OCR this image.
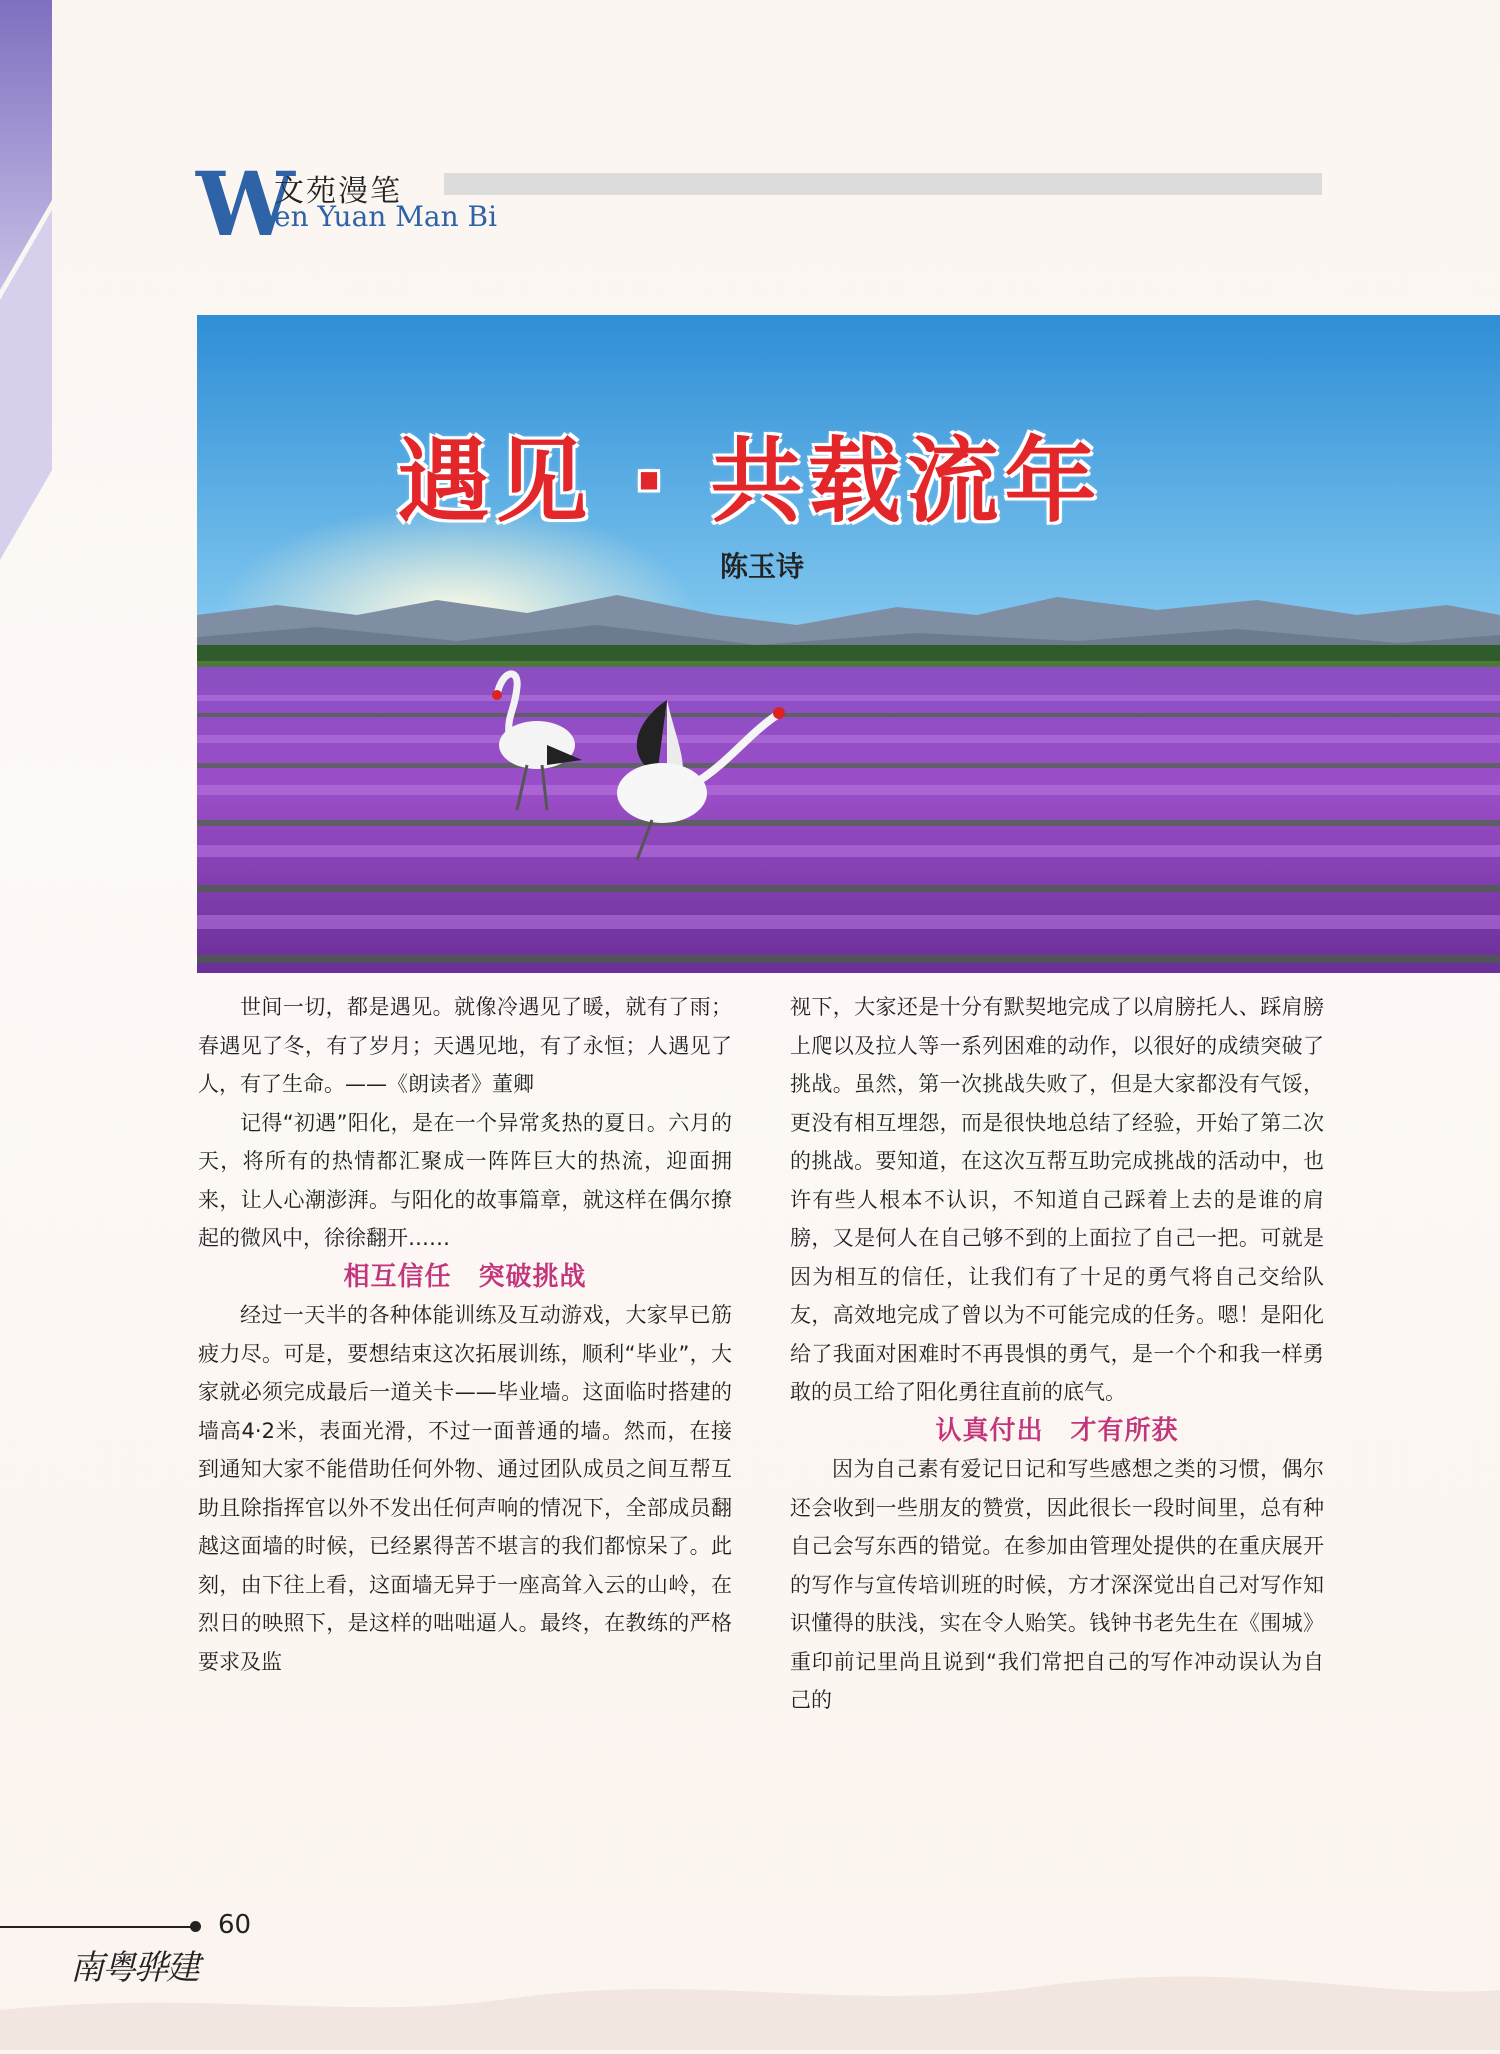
W
文苑漫笔
en Yuan Man Bi
遇见 · 共载流年
陈玉诗

世间一切，都是遇见。就像冷遇见了暖，就有了雨；春遇见了冬，有了岁月；天遇见地，有了永恒；人遇见了人，有了生命。——《朗读者》董卿

记得“初遇”阳化，是在一个异常炙热的夏日。六月的天，将所有的热情都汇聚成一阵阵巨大的热流，迎面拥来，让人心潮澎湃。与阳化的故事篇章，就这样在偶尔撩起的微风中，徐徐翻开……

相互信任　突破挑战

经过一天半的各种体能训练及互动游戏，大家早已筋疲力尽。可是，要想结束这次拓展训练，顺利“毕业”，大家就必须完成最后一道关卡——毕业墙。这面临时搭建的墙高4·2米，表面光滑，不过一面普通的墙。然而，在接到通知大家不能借助任何外物、通过团队成员之间互帮互助且除指挥官以外不发出任何声响的情况下，全部成员翻越这面墙的时候，已经累得苦不堪言的我们都惊呆了。此刻，由下往上看，这面墙无异于一座高耸入云的山岭，在烈日的映照下，是这样的咄咄逼人。最终，在教练的严格要求及监

视下，大家还是十分有默契地完成了以肩膀托人、踩肩膀上爬以及拉人等一系列困难的动作，以很好的成绩突破了挑战。虽然，第一次挑战失败了，但是大家都没有气馁，更没有相互埋怨，而是很快地总结了经验，开始了第二次的挑战。要知道，在这次互帮互助完成挑战的活动中，也许有些人根本不认识，不知道自己踩着上去的是谁的肩膀，又是何人在自己够不到的上面拉了自己一把。可就是因为相互的信任，让我们有了十足的勇气将自己交给队友，高效地完成了曾以为不可能完成的任务。嗯！是阳化给了我面对困难时不再畏惧的勇气，是一个个和我一样勇敢的员工给了阳化勇往直前的底气。

认真付出　才有所获

因为自己素有爱记日记和写些感想之类的习惯，偶尔还会收到一些朋友的赞赏，因此很长一段时间里，总有种自己会写东西的错觉。在参加由管理处提供的在重庆展开的写作与宣传培训班的时候，方才深深觉出自己对写作知识懂得的肤浅，实在令人贻笑。钱钟书老先生在《围城》重印前记里尚且说到“我们常把自己的写作冲动误认为自己的

60
南粤骅建
